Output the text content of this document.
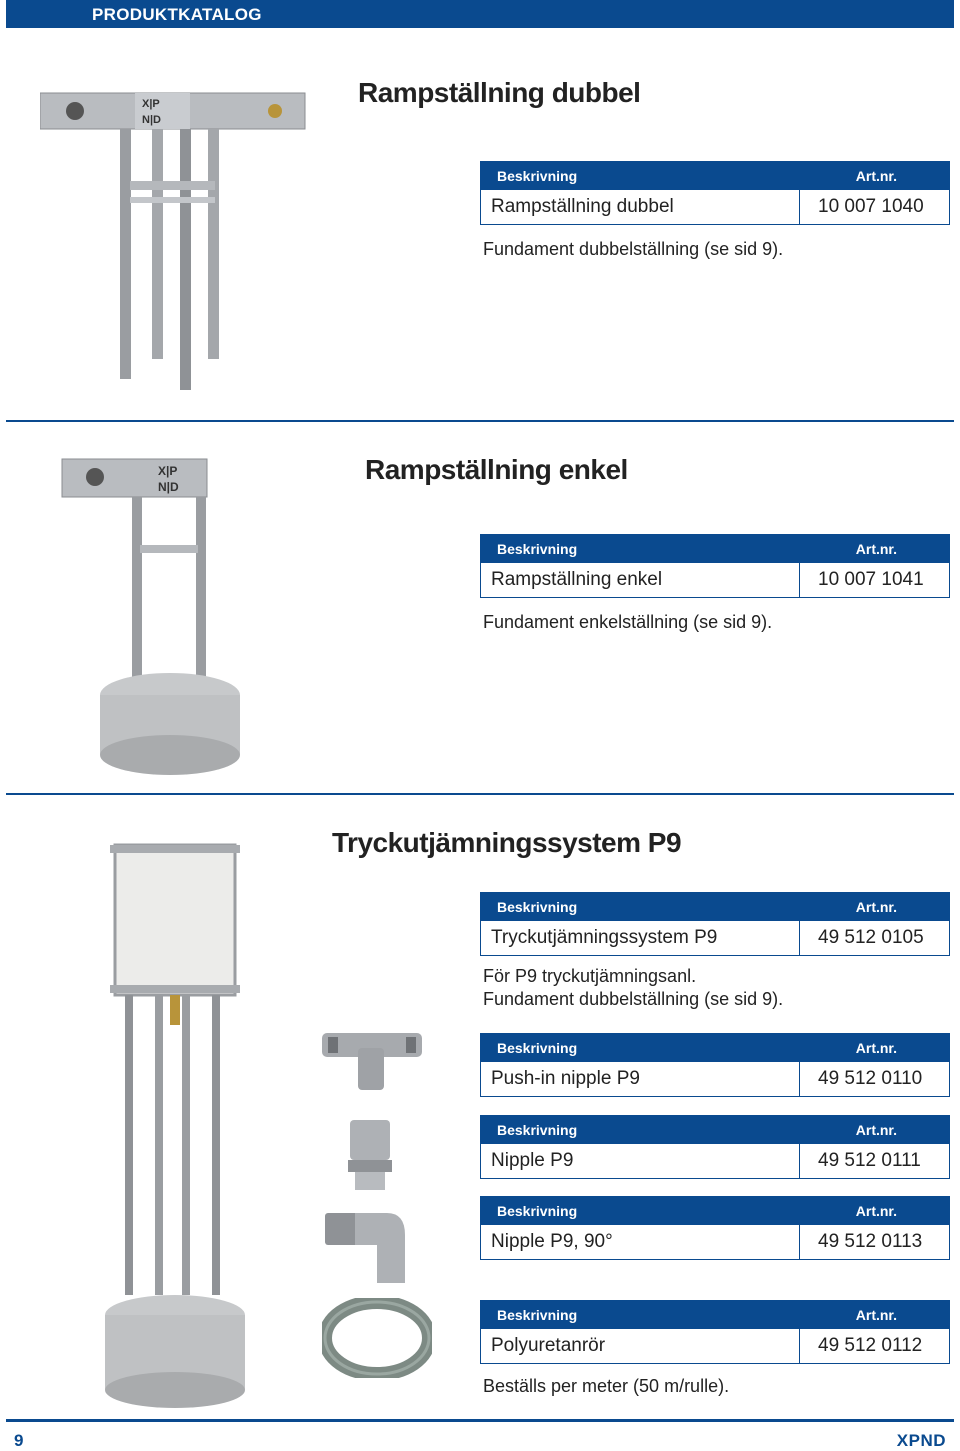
PRODUKTKATALOG
X|P
N|D
Rampställning dubbel
Beskrivning	Art.nr.
Rampställning dubbel	10 007 1040
Fundament dubbelställning (se sid 9).
X|P
N|D
Rampställning enkel
Beskrivning	Art.nr.
Rampställning enkel	10 007 1041
Fundament enkelställning (se sid 9).
Tryckutjämningssystem P9
Beskrivning	Art.nr.
Tryckutjämningssystem P9	49 512 0105
För P9 tryckutjämningsanl.
Fundament dubbelställning (se sid 9).
Beskrivning	Art.nr.
Push-in nipple P9	49 512 0110
Beskrivning	Art.nr.
Nipple P9	49 512 0111
Beskrivning	Art.nr.
Nipple P9, 90°	49 512 0113
Beskrivning	Art.nr.
Polyuretanrör	49 512 0112
Beställs per meter (50 m/rulle).
9	XPND
